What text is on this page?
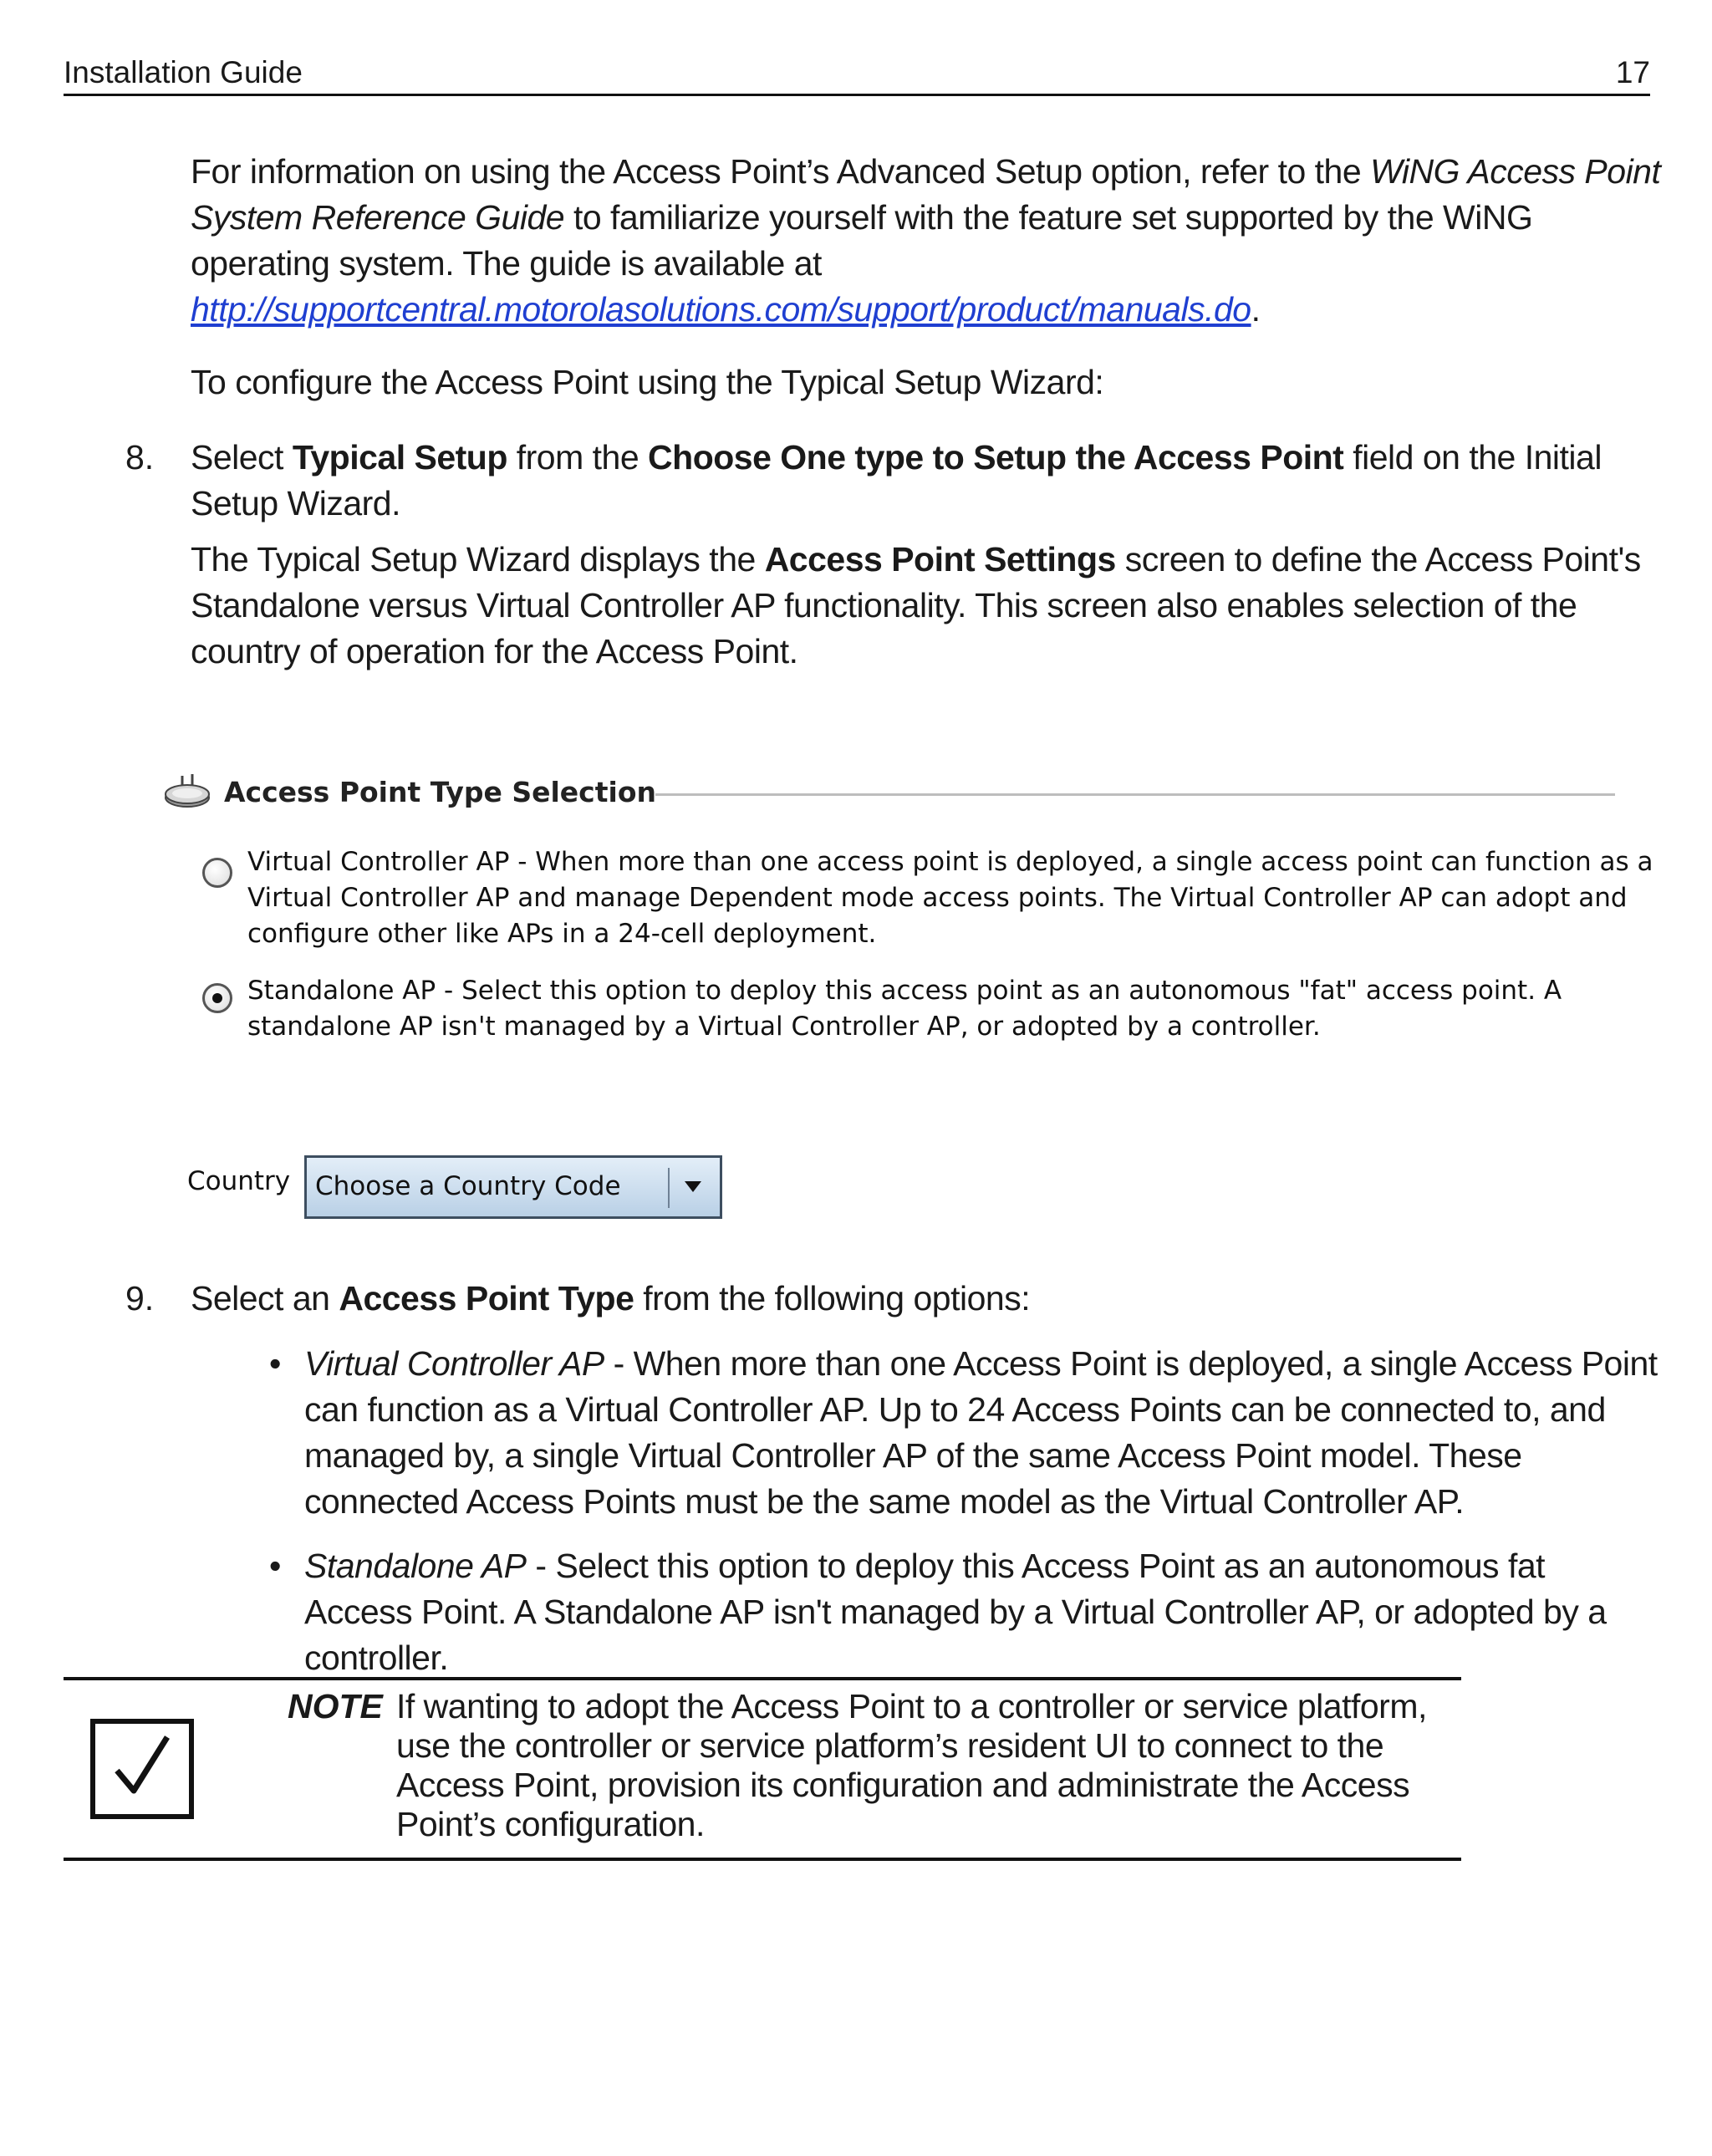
Installation Guide	17
For information on using the Access Point’s Advanced Setup option, refer to the WiNG Access Point System Reference Guide to familiarize yourself with the feature set supported by the WiNG operating system. The guide is available at
http://supportcentral.motorolasolutions.com/support/product/manuals.do.
To configure the Access Point using the Typical Setup Wizard:
8. Select Typical Setup from the Choose One type to Setup the Access Point field on the Initial Setup Wizard.
The Typical Setup Wizard displays the Access Point Settings screen to define the Access Point's Standalone versus Virtual Controller AP functionality. This screen also enables selection of the country of operation for the Access Point.
Access Point Type Selection
Virtual Controller AP - When more than one access point is deployed, a single access point can function as a
Virtual Controller AP and manage Dependent mode access points. The Virtual Controller AP can adopt and
configure other like APs in a 24-cell deployment.
Standalone AP - Select this option to deploy this access point as an autonomous "fat" access point. A
standalone AP isn't managed by a Virtual Controller AP, or adopted by a controller.
Country Choose a Country Code
9. Select an Access Point Type from the following options:
• Virtual Controller AP - When more than one Access Point is deployed, a single Access Point can function as a Virtual Controller AP. Up to 24 Access Points can be connected to, and managed by, a single Virtual Controller AP of the same Access Point model. These connected Access Points must be the same model as the Virtual Controller AP.
• Standalone AP - Select this option to deploy this Access Point as an autonomous fat Access Point. A Standalone AP isn't managed by a Virtual Controller AP, or adopted by a controller.
NOTE If wanting to adopt the Access Point to a controller or service platform, use the controller or service platform’s resident UI to connect to the Access Point, provision its configuration and administrate the Access Point’s configuration.
